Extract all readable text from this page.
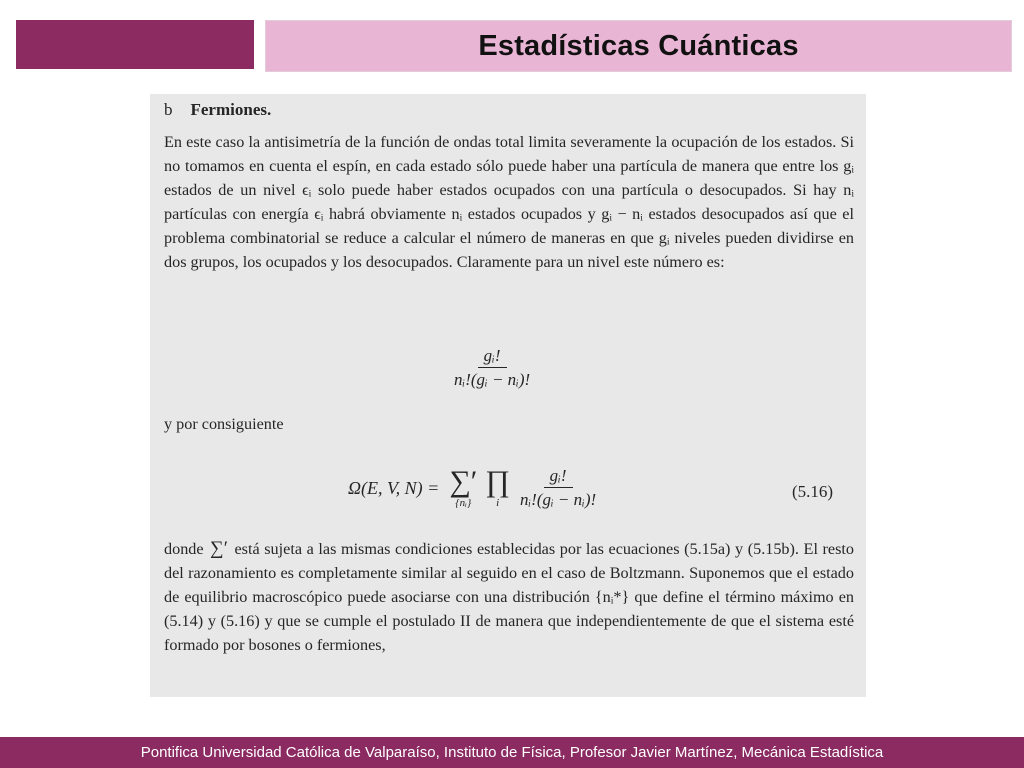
Estadísticas Cuánticas
b Fermiones.
En este caso la antisimetría de la función de ondas total limita severamente la ocupación de los estados. Si no tomamos en cuenta el espín, en cada estado sólo puede haber una partícula de manera que entre los gᵢ estados de un nivel ϵᵢ solo puede haber estados ocupados con una partícula o desocupados. Si hay nᵢ partículas con energía ϵᵢ habrá obviamente nᵢ estados ocupados y gᵢ − nᵢ estados desocupados así que el problema combinatorial se reduce a calcular el número de maneras en que gᵢ niveles pueden dividirse en dos grupos, los ocupados y los desocupados. Claramente para un nivel este número es:
$\frac{\text{gᵢ!}}{\text{nᵢ!(gᵢ − nᵢ)!}}$
y por consiguiente
Ω(E, V, N) = ∑′
{nᵢ}
∏
i $\frac{\text{gᵢ!}}{\text{nᵢ!(gᵢ − nᵢ)!}}$	(5.16)
donde ∑′ está sujeta a las mismas condiciones establecidas por las ecuaciones (5.15a) y (5.15b). El resto del razonamiento es completamente similar al seguido en el caso de Boltzmann. Suponemos que el estado de equilibrio macroscópico puede asociarse con una distribución {nᵢ*} que define el término máximo en (5.14) y (5.16) y que se cumple el postulado II de manera que independientemente de que el sistema esté formado por bosones o fermiones,
Pontifica Universidad Católica de Valparaíso, Instituto de Física, Profesor Javier Martínez, Mecánica Estadística
